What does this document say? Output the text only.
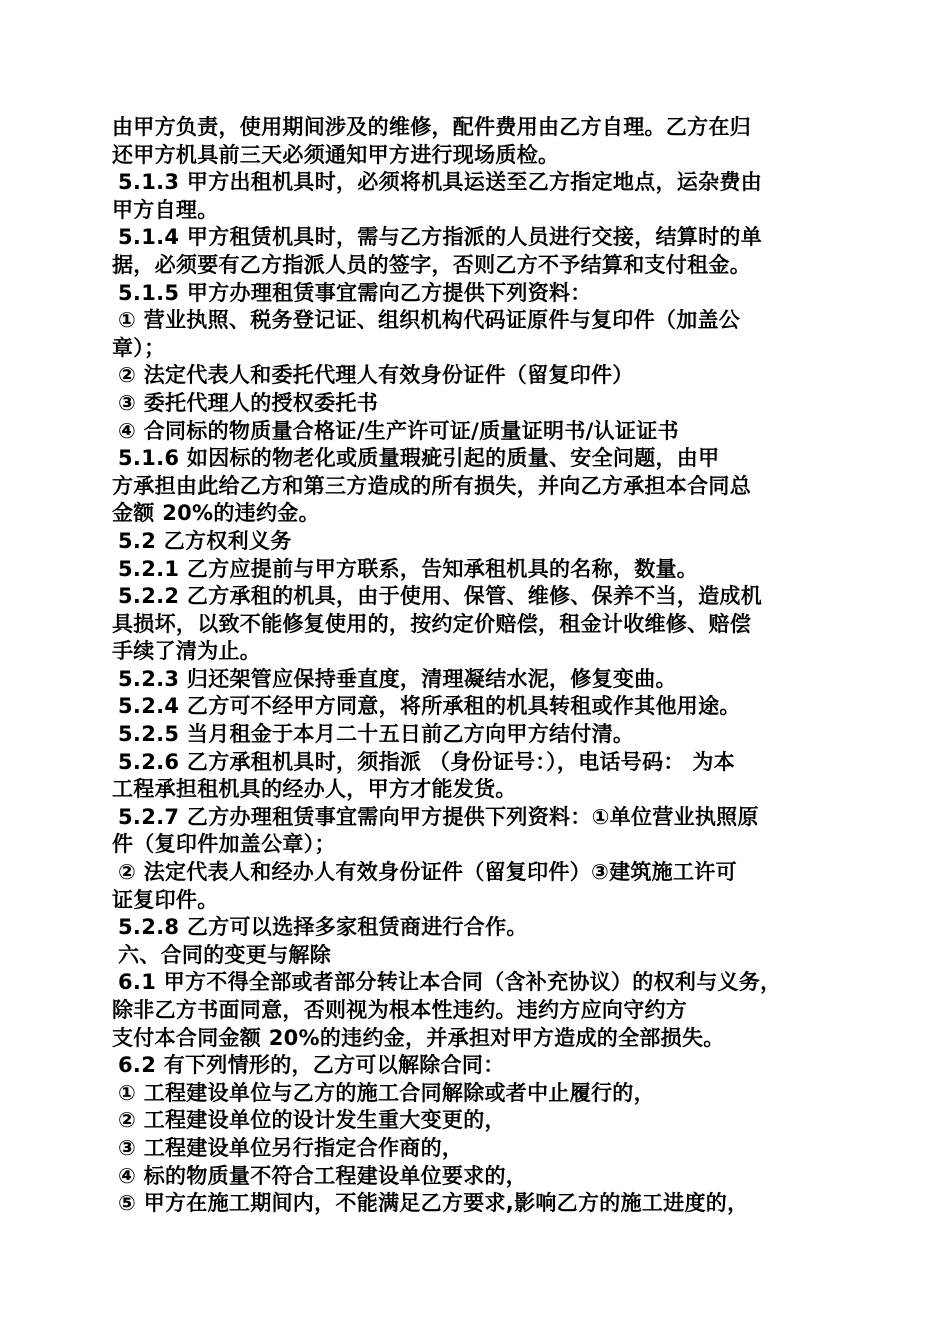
由甲方负责，使用期间涉及的维修，配件费用由乙方自理。乙方在归
还甲方机具前三天必须通知甲方进行现场质检。
5.1.3 甲方出租机具时，必须将机具运送至乙方指定地点，运杂费由
甲方自理。
5.1.4 甲方租赁机具时，需与乙方指派的人员进行交接，结算时的单
据，必须要有乙方指派人员的签字，否则乙方不予结算和支付租金。
5.1.5 甲方办理租赁事宜需向乙方提供下列资料：
① 营业执照、税务登记证、组织机构代码证原件与复印件（加盖公
章）；
② 法定代表人和委托代理人有效身份证件（留复印件）
③ 委托代理人的授权委托书
④ 合同标的物质量合格证/生产许可证/质量证明书/认证证书
5.1.6 如因标的物老化或质量瑕疵引起的质量、安全问题，由甲
方承担由此给乙方和第三方造成的所有损失，并向乙方承担本合同总
金额 20%的违约金。
5.2 乙方权利义务
5.2.1 乙方应提前与甲方联系，告知承租机具的名称，数量。
5.2.2 乙方承租的机具，由于使用、保管、维修、保养不当，造成机
具损坏，以致不能修复使用的，按约定价赔偿，租金计收维修、赔偿
手续了清为止。
5.2.3 归还架管应保持垂直度，清理凝结水泥，修复变曲。
5.2.4 乙方可不经甲方同意，将所承租的机具转租或作其他用途。
5.2.5 当月租金于本月二十五日前乙方向甲方结付清。
5.2.6 乙方承租机具时，须指派 （身份证号：），电话号码： 为本
工程承担租机具的经办人，甲方才能发货。
5.2.7 乙方办理租赁事宜需向甲方提供下列资料：①单位营业执照原
件（复印件加盖公章）；
② 法定代表人和经办人有效身份证件（留复印件）③建筑施工许可
证复印件。
5.2.8 乙方可以选择多家租赁商进行合作。
六、合同的变更与解除
6.1 甲方不得全部或者部分转让本合同（含补充协议）的权利与义务，
除非乙方书面同意，否则视为根本性违约。违约方应向守约方
支付本合同金额 20%的违约金，并承担对甲方造成的全部损失。
6.2 有下列情形的，乙方可以解除合同：
① 工程建设单位与乙方的施工合同解除或者中止履行的，
② 工程建设单位的设计发生重大变更的，
③ 工程建设单位另行指定合作商的，
④ 标的物质量不符合工程建设单位要求的，
⑤ 甲方在施工期间内，不能满足乙方要求,影响乙方的施工进度的，
